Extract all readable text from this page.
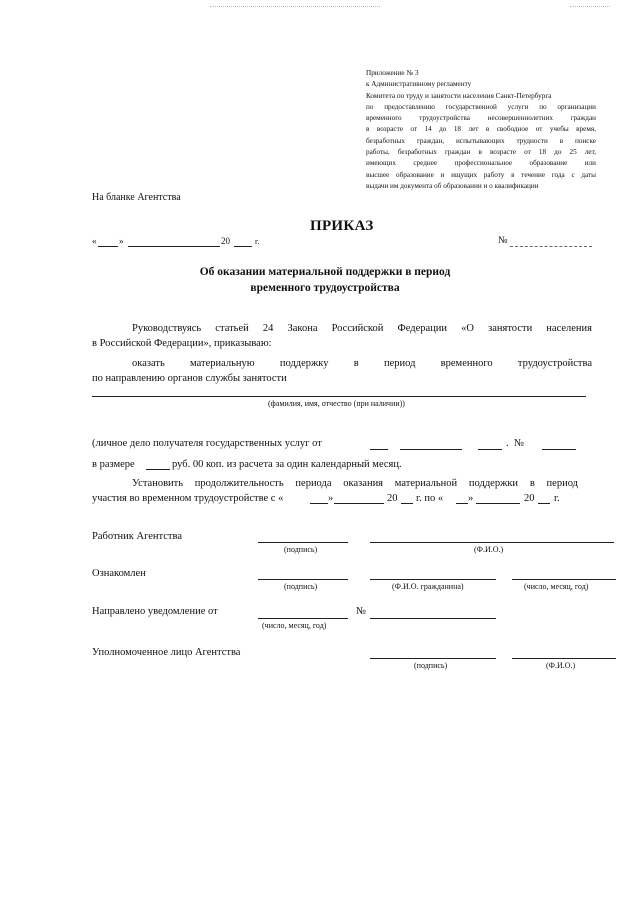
Приложение № 3
к Административному регламенту
Комитета по труду и занятости населения Санкт-Петербурга
по предоставлению государственной услуги по организации
временного трудоустройства несовершеннолетних граждан
в возрасте от 14 до 18 лет в свободное от учебы время,
безработных граждан, испытывающих трудности в поиске
работы, безработных граждан в возрасте от 18 до 25 лет,
имеющих среднее профессиональное образование или
высшее образование и ищущих работу в течение года с даты
выдачи им документа об образовании и о квалификации
На бланке Агентства
ПРИКАЗ
«	»	20	г.	№
Об оказании материальной поддержки в период
временного трудоустройства
Руководствуясь статьей 24 Закона Российской Федерации «О занятости населения
в Российской Федерации», приказываю:
оказать материальную поддержку в период временного трудоустройства
по направлению органов службы занятости
(фамилия, имя, отчество (при наличии))
(личное дело получателя государственных услуг от	. №
в размере	руб. 00 коп. из расчета за один календарный месяц.
Установить продолжительность периода оказания материальной поддержки в период
участия во временном трудоустройстве с «	»	20 г. по « »	20 г.
Работник Агентства
(подпись)	(Ф.И.О.)
Ознакомлен
(подпись)	(Ф.И.О. гражданина)	(число, месяц, год)
Направлено уведомление от
(число, месяц, год)
№
Уполномоченное лицо Агентства
(подпись)	(Ф.И.О.)
